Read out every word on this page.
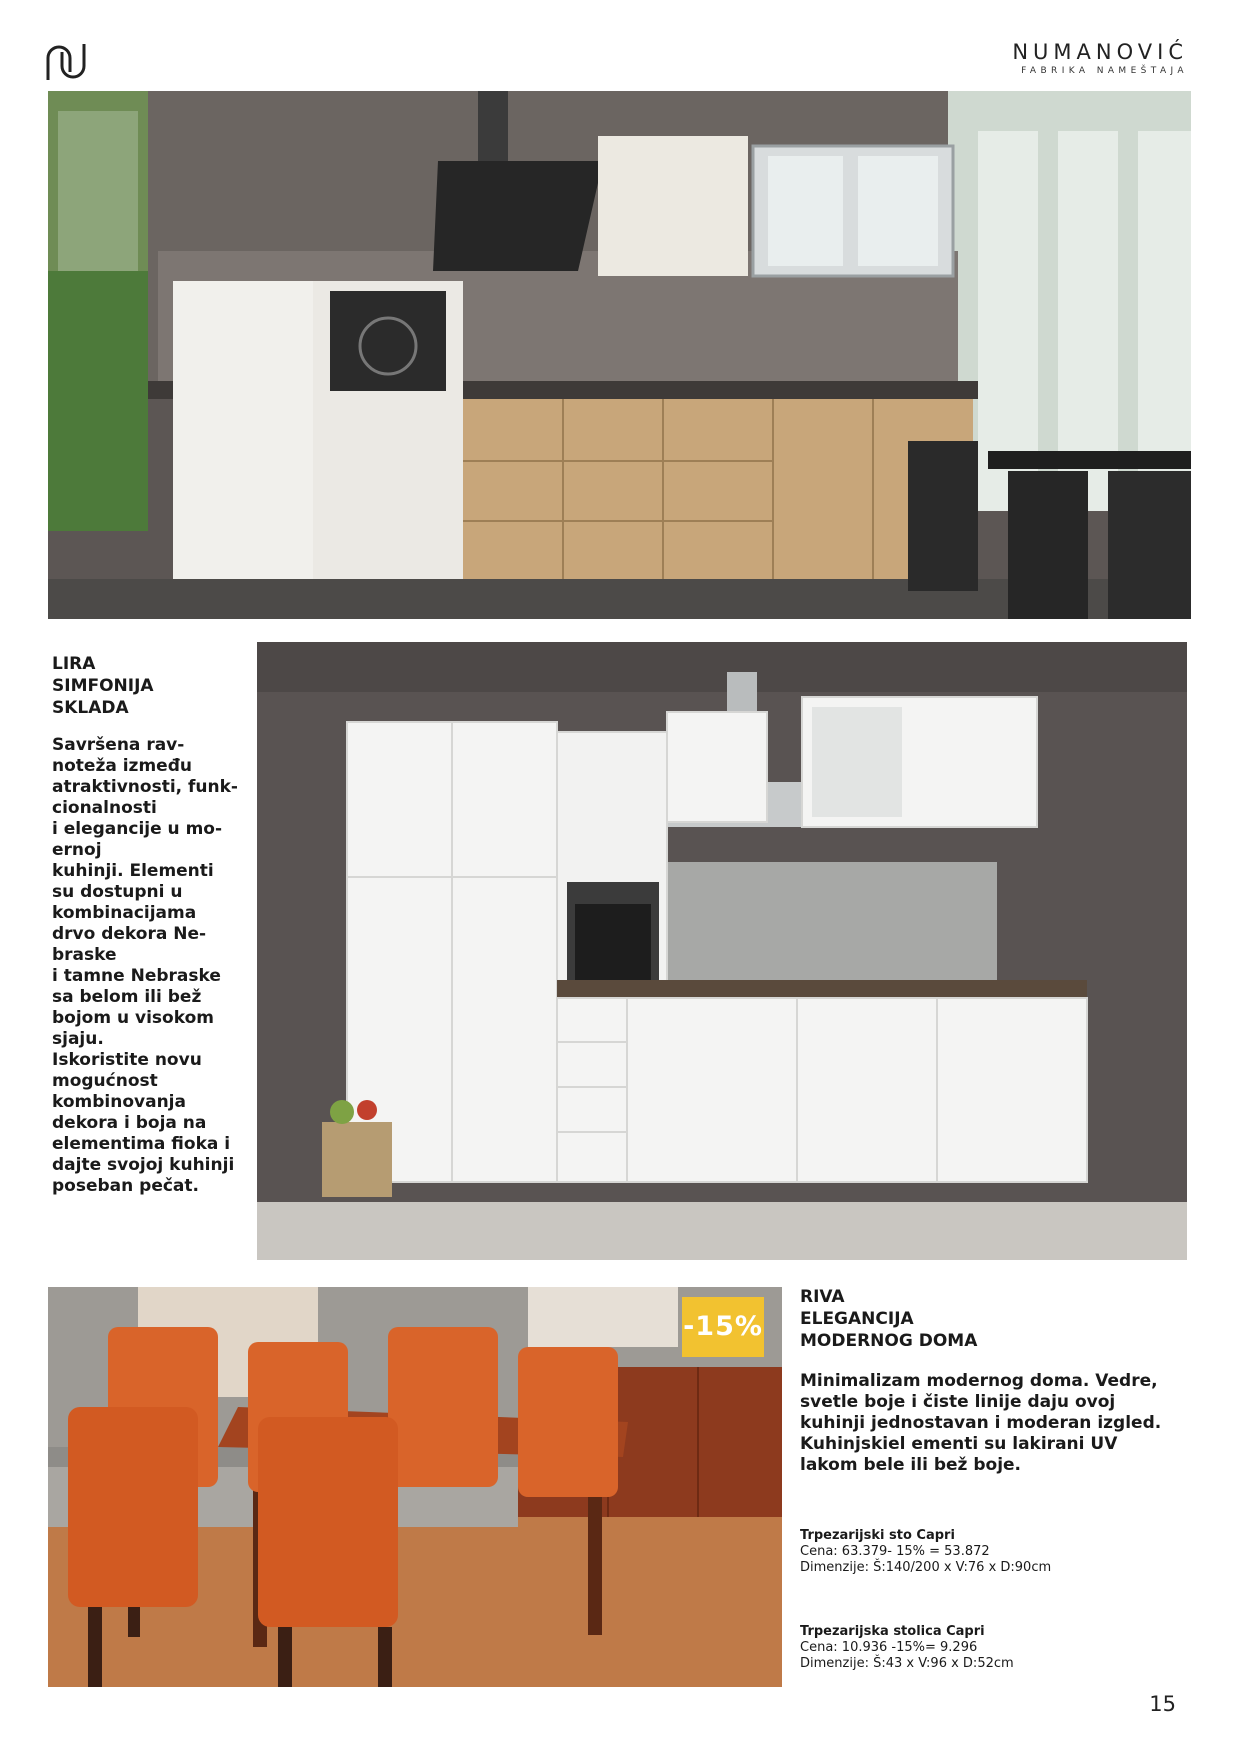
NUMANOVIĆ
FABRIKA NAMEŠTAJA
LIRA
SIMFONIJA
SKLADA
Savršena rav-
noteža između
atraktivnosti, funk-
cionalnosti
i elegancije u mo-
ernoj
kuhinji. Elementi
su dostupni u
kombinacijama
drvo dekora Ne-
braske
i tamne Nebraske
sa belom ili bež
bojom u visokom
sjaju.
Iskoristite novu
mogućnost
kombinovanja
dekora i boja na
elementima fioka i
dajte svojoj kuhinji
poseban pečat.
-15%
RIVA
ELEGANCIJA
MODERNOG DOMA
Minimalizam modernog doma. Vedre,
svetle boje i čiste linije daju ovoj
kuhinji jednostavan i moderan izgled.
Kuhinjskiel ementi su lakirani UV
lakom bele ili bež boje.
Trpezarijski sto Capri
Cena: 63.379- 15% = 53.872
Dimenzije: Š:140/200 x V:76 x D:90cm
Trpezarijska stolica Capri
Cena: 10.936 -15%= 9.296
Dimenzije: Š:43 x V:96 x D:52cm
15
